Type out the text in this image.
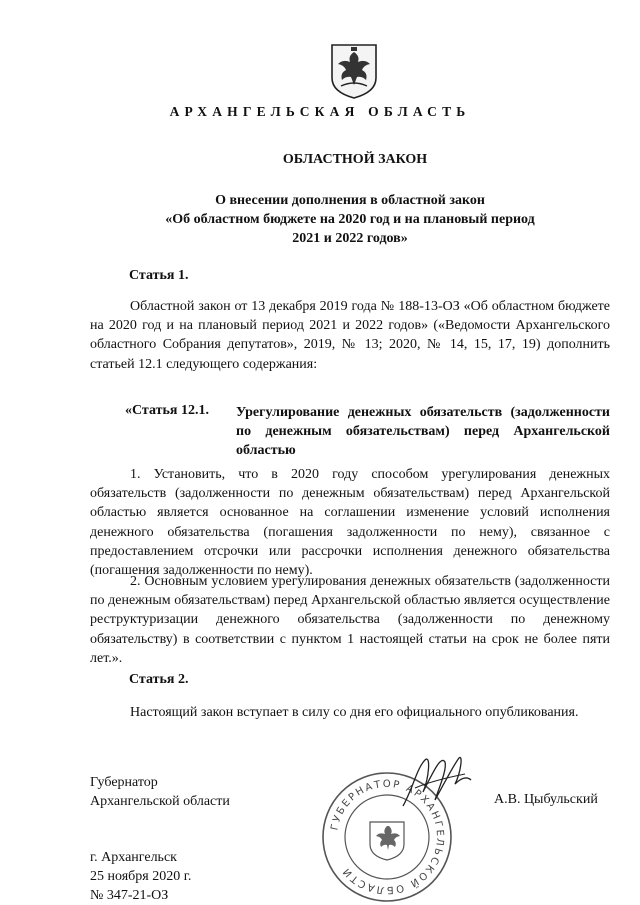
АРХАНГЕЛЬСКАЯ ОБЛАСТЬ
ОБЛАСТНОЙ ЗАКОН
О внесении дополнения в областной закон
«Об областном бюджете на 2020 год и на плановый период
2021 и 2022 годов»
Статья 1.
Областной закон от 13 декабря 2019 года № 188-13-ОЗ «Об областном бюджете на 2020 год и на плановый период 2021 и 2022 годов» («Ведомости Архангельского областного Собрания депутатов», 2019, № 13; 2020, № 14, 15, 17, 19) дополнить статьей 12.1 следующего содержания:
«Статья 12.1. Урегулирование денежных обязательств (задолженности по денежным обязательствам) перед Архангельской областью
1. Установить, что в 2020 году способом урегулирования денежных обязательств (задолженности по денежным обязательствам) перед Архангельской областью является основанное на соглашении изменение условий исполнения денежного обязательства (погашения задолженности по нему), связанное с предоставлением отсрочки или рассрочки исполнения денежного обязательства (погашения задолженности по нему).
2. Основным условием урегулирования денежных обязательств (задолженности по денежным обязательствам) перед Архангельской областью является осуществление реструктуризации денежного обязательства (задолженности по денежному обязательству) в соответствии с пунктом 1 настоящей статьи на срок не более пяти лет.».
Статья 2.
Настоящий закон вступает в силу со дня его официального опубликования.
ГУБЕРНАТОР АРХАНГЕЛЬСКОЙ ОБЛАСТИ
Губернатор
Архангельской области	А.В. Цыбульский
г. Архангельск
25 ноября 2020 г.
№ 347-21-ОЗ
